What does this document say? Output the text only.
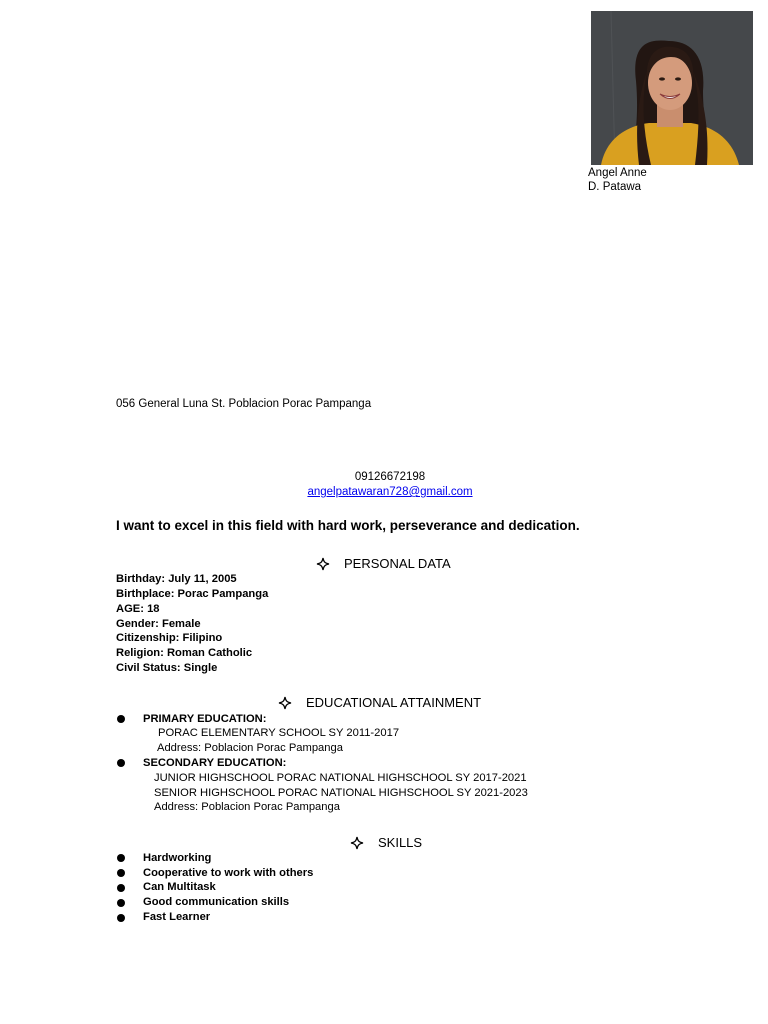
Angel Anne
D. Patawa
056 General Luna St. Poblacion Porac Pampanga
09126672198
angelpatawaran728@gmail.com
I want to excel in this field with hard work, perseverance and dedication.
PERSONAL DATA
Birthday: July 11, 2005
Birthplace: Porac Pampanga
AGE: 18
Gender: Female
Citizenship: Filipino
Religion: Roman Catholic
Civil Status: Single
EDUCATIONAL ATTAINMENT
PRIMARY EDUCATION:
PORAC ELEMENTARY SCHOOL SY 2011-2017
Address: Poblacion Porac Pampanga
SECONDARY EDUCATION:
JUNIOR HIGHSCHOOL PORAC NATIONAL HIGHSCHOOL SY 2017-2021
SENIOR HIGHSCHOOL PORAC NATIONAL HIGHSCHOOL SY 2021-2023
Address: Poblacion Porac Pampanga
SKILLS
Hardworking
Cooperative to work with others
Can Multitask
Good communication skills
Fast Learner
